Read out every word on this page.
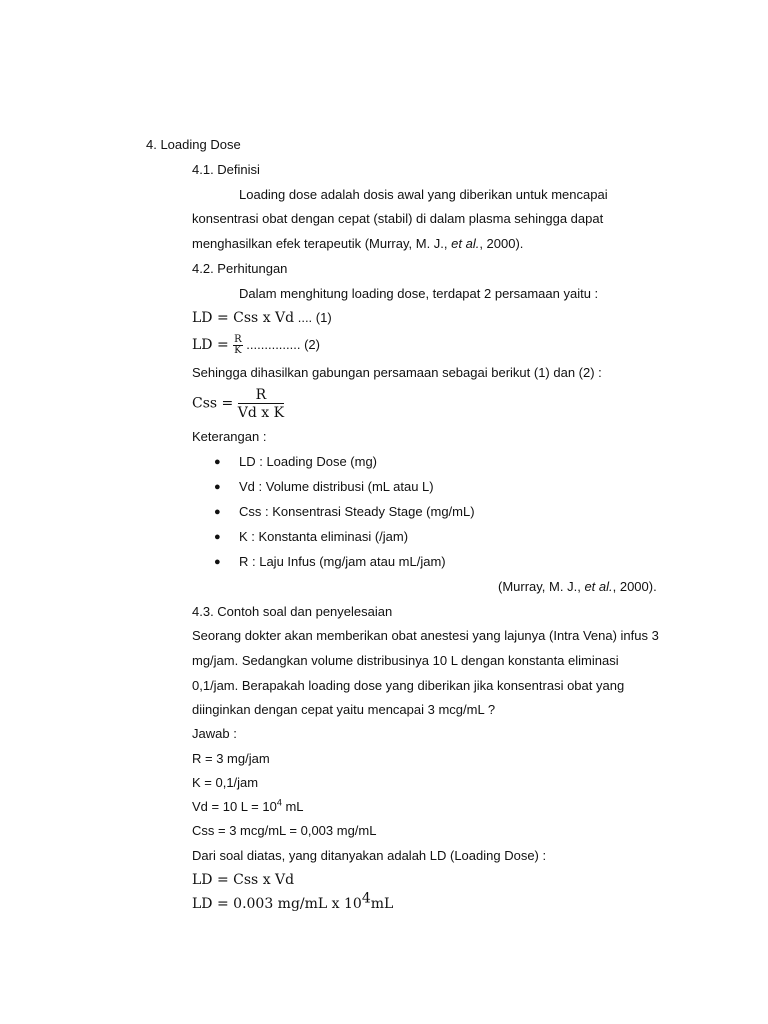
4. Loading Dose
4.1. Definisi
Loading dose adalah dosis awal yang diberikan untuk mencapai
konsentrasi obat dengan cepat (stabil) di dalam plasma sehingga dapat
menghasilkan efek terapeutik (Murray, M. J., et al., 2000).
4.2. Perhitungan
Dalam menghitung loading dose, terdapat 2 persamaan yaitu :
LD = Css x Vd .... (1)
LD = $\frac{R}{K}$ ............... (2)
Sehingga dihasilkan gabungan persamaan sebagai berikut (1) dan (2) :
Css = $\frac{R}{\text{Vd x K}}$
Keterangan :
● LD : Loading Dose (mg)
● Vd : Volume distribusi (mL atau L)
● Css : Konsentrasi Steady Stage (mg/mL)
● K : Konstanta eliminasi (/jam)
● R : Laju Infus (mg/jam atau mL/jam)
(Murray, M. J., et al., 2000).
4.3. Contoh soal dan penyelesaian
Seorang dokter akan memberikan obat anestesi yang lajunya (Intra Vena) infus 3
mg/jam. Sedangkan volume distribusinya 10 L dengan konstanta eliminasi
0,1/jam. Berapakah loading dose yang diberikan jika konsentrasi obat yang
diinginkan dengan cepat yaitu mencapai 3 mcg/mL ?
Jawab :
R = 3 mg/jam
K = 0,1/jam
Vd = 10 $L = 10^4$ mL
Css = 3 mcg/mL = 0,003 mg/mL
Dari soal diatas, yang ditanyakan adalah LD (Loading Dose) :
LD = Css x Vd
LD = 0.003 mg/mL x $10^4mL$
